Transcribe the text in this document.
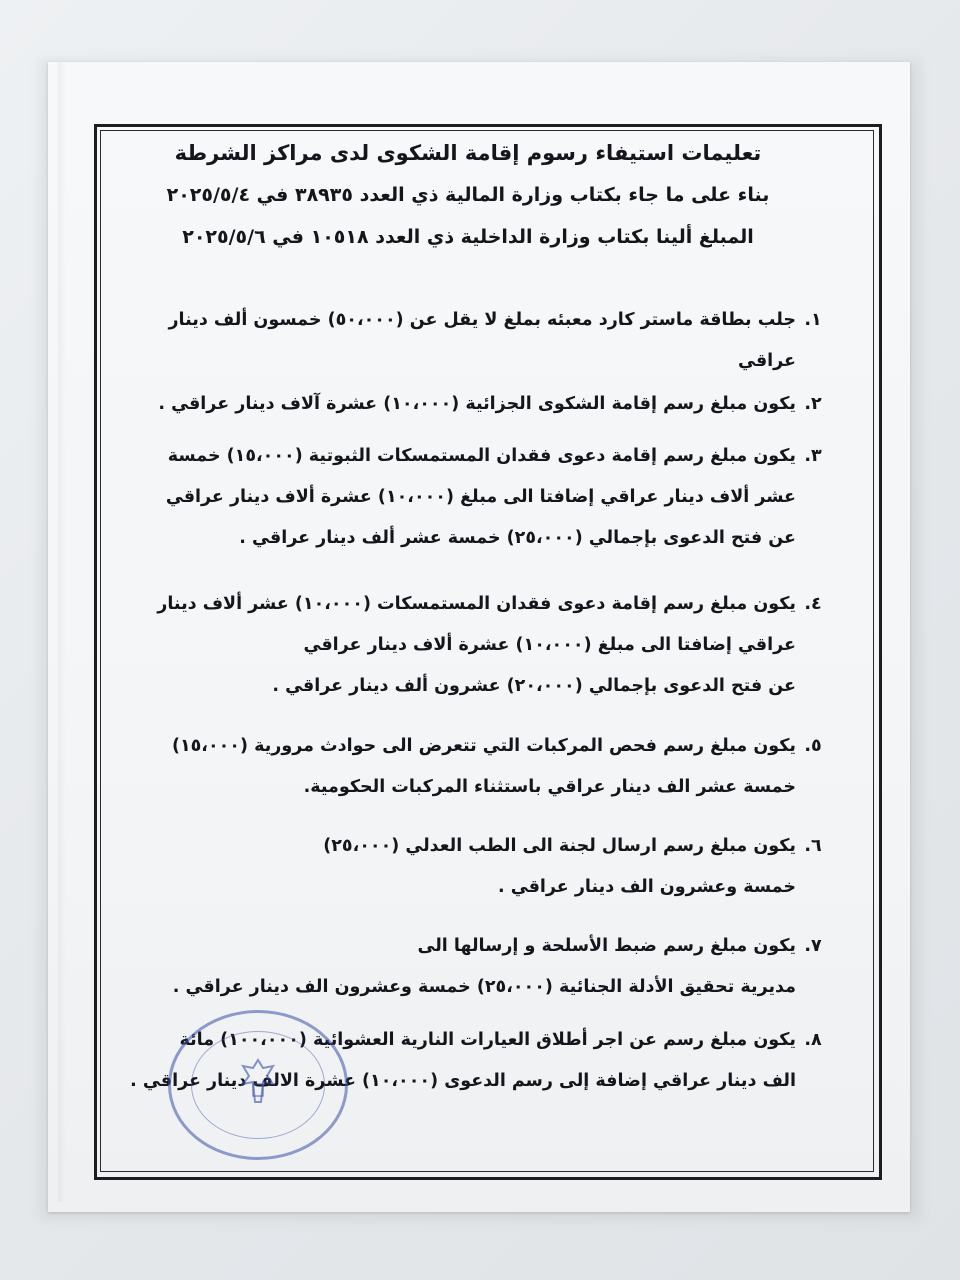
تعليمات استيفاء رسوم إقامة الشكوى لدى مراكز الشرطة
بناء على ما جاء بكتاب وزارة المالية ذي العدد ٣٨٩٣٥ في ٢٠٢٥/٥/٤
المبلغ ألينا بكتاب وزارة الداخلية ذي العدد ١٠٥١٨ في ٢٠٢٥/٥/٦
١.جلب بطاقة ماستر كارد معبئه بملغ لا يقل عن (٥٠،٠٠٠) خمسون ألف دينار
عراقي
٢.يكون مبلغ رسم إقامة الشكوى الجزائية (١٠،٠٠٠) عشرة آلاف دينار عراقي .
٣.يكون مبلغ رسم إقامة دعوى فقدان المستمسكات الثبوتية (١٥،٠٠٠) خمسة
عشر ألاف دينار عراقي إضافتا الى مبلغ (١٠،٠٠٠) عشرة ألاف دينار عراقي
عن فتح الدعوى بإجمالي (٢٥،٠٠٠) خمسة عشر ألف دينار عراقي .
٤.يكون مبلغ رسم إقامة دعوى فقدان المستمسكات (١٠،٠٠٠) عشر ألاف دينار
عراقي إضافتا الى مبلغ (١٠،٠٠٠) عشرة ألاف دينار عراقي
عن فتح الدعوى بإجمالي (٢٠،٠٠٠) عشرون ألف دينار عراقي .
٥.يكون مبلغ رسم فحص المركبات التي تتعرض الى حوادث مرورية (١٥،٠٠٠)
خمسة عشر الف دينار عراقي باستثناء المركبات الحكومية.
٦.يكون مبلغ رسم ارسال لجنة الى الطب العدلي (٢٥،٠٠٠)
خمسة وعشرون الف دينار عراقي .
٧.يكون مبلغ رسم ضبط الأسلحة و إرسالها الى
مديرية تحقيق الأدلة الجنائية (٢٥،٠٠٠) خمسة وعشرون الف دينار عراقي .
٨.يكون مبلغ رسم عن اجر أطلاق العيارات النارية العشوائية (١٠٠،٠٠٠) مائة
الف دينار عراقي إضافة إلى رسم الدعوى (١٠،٠٠٠) عشرة الالف دينار عراقي .
